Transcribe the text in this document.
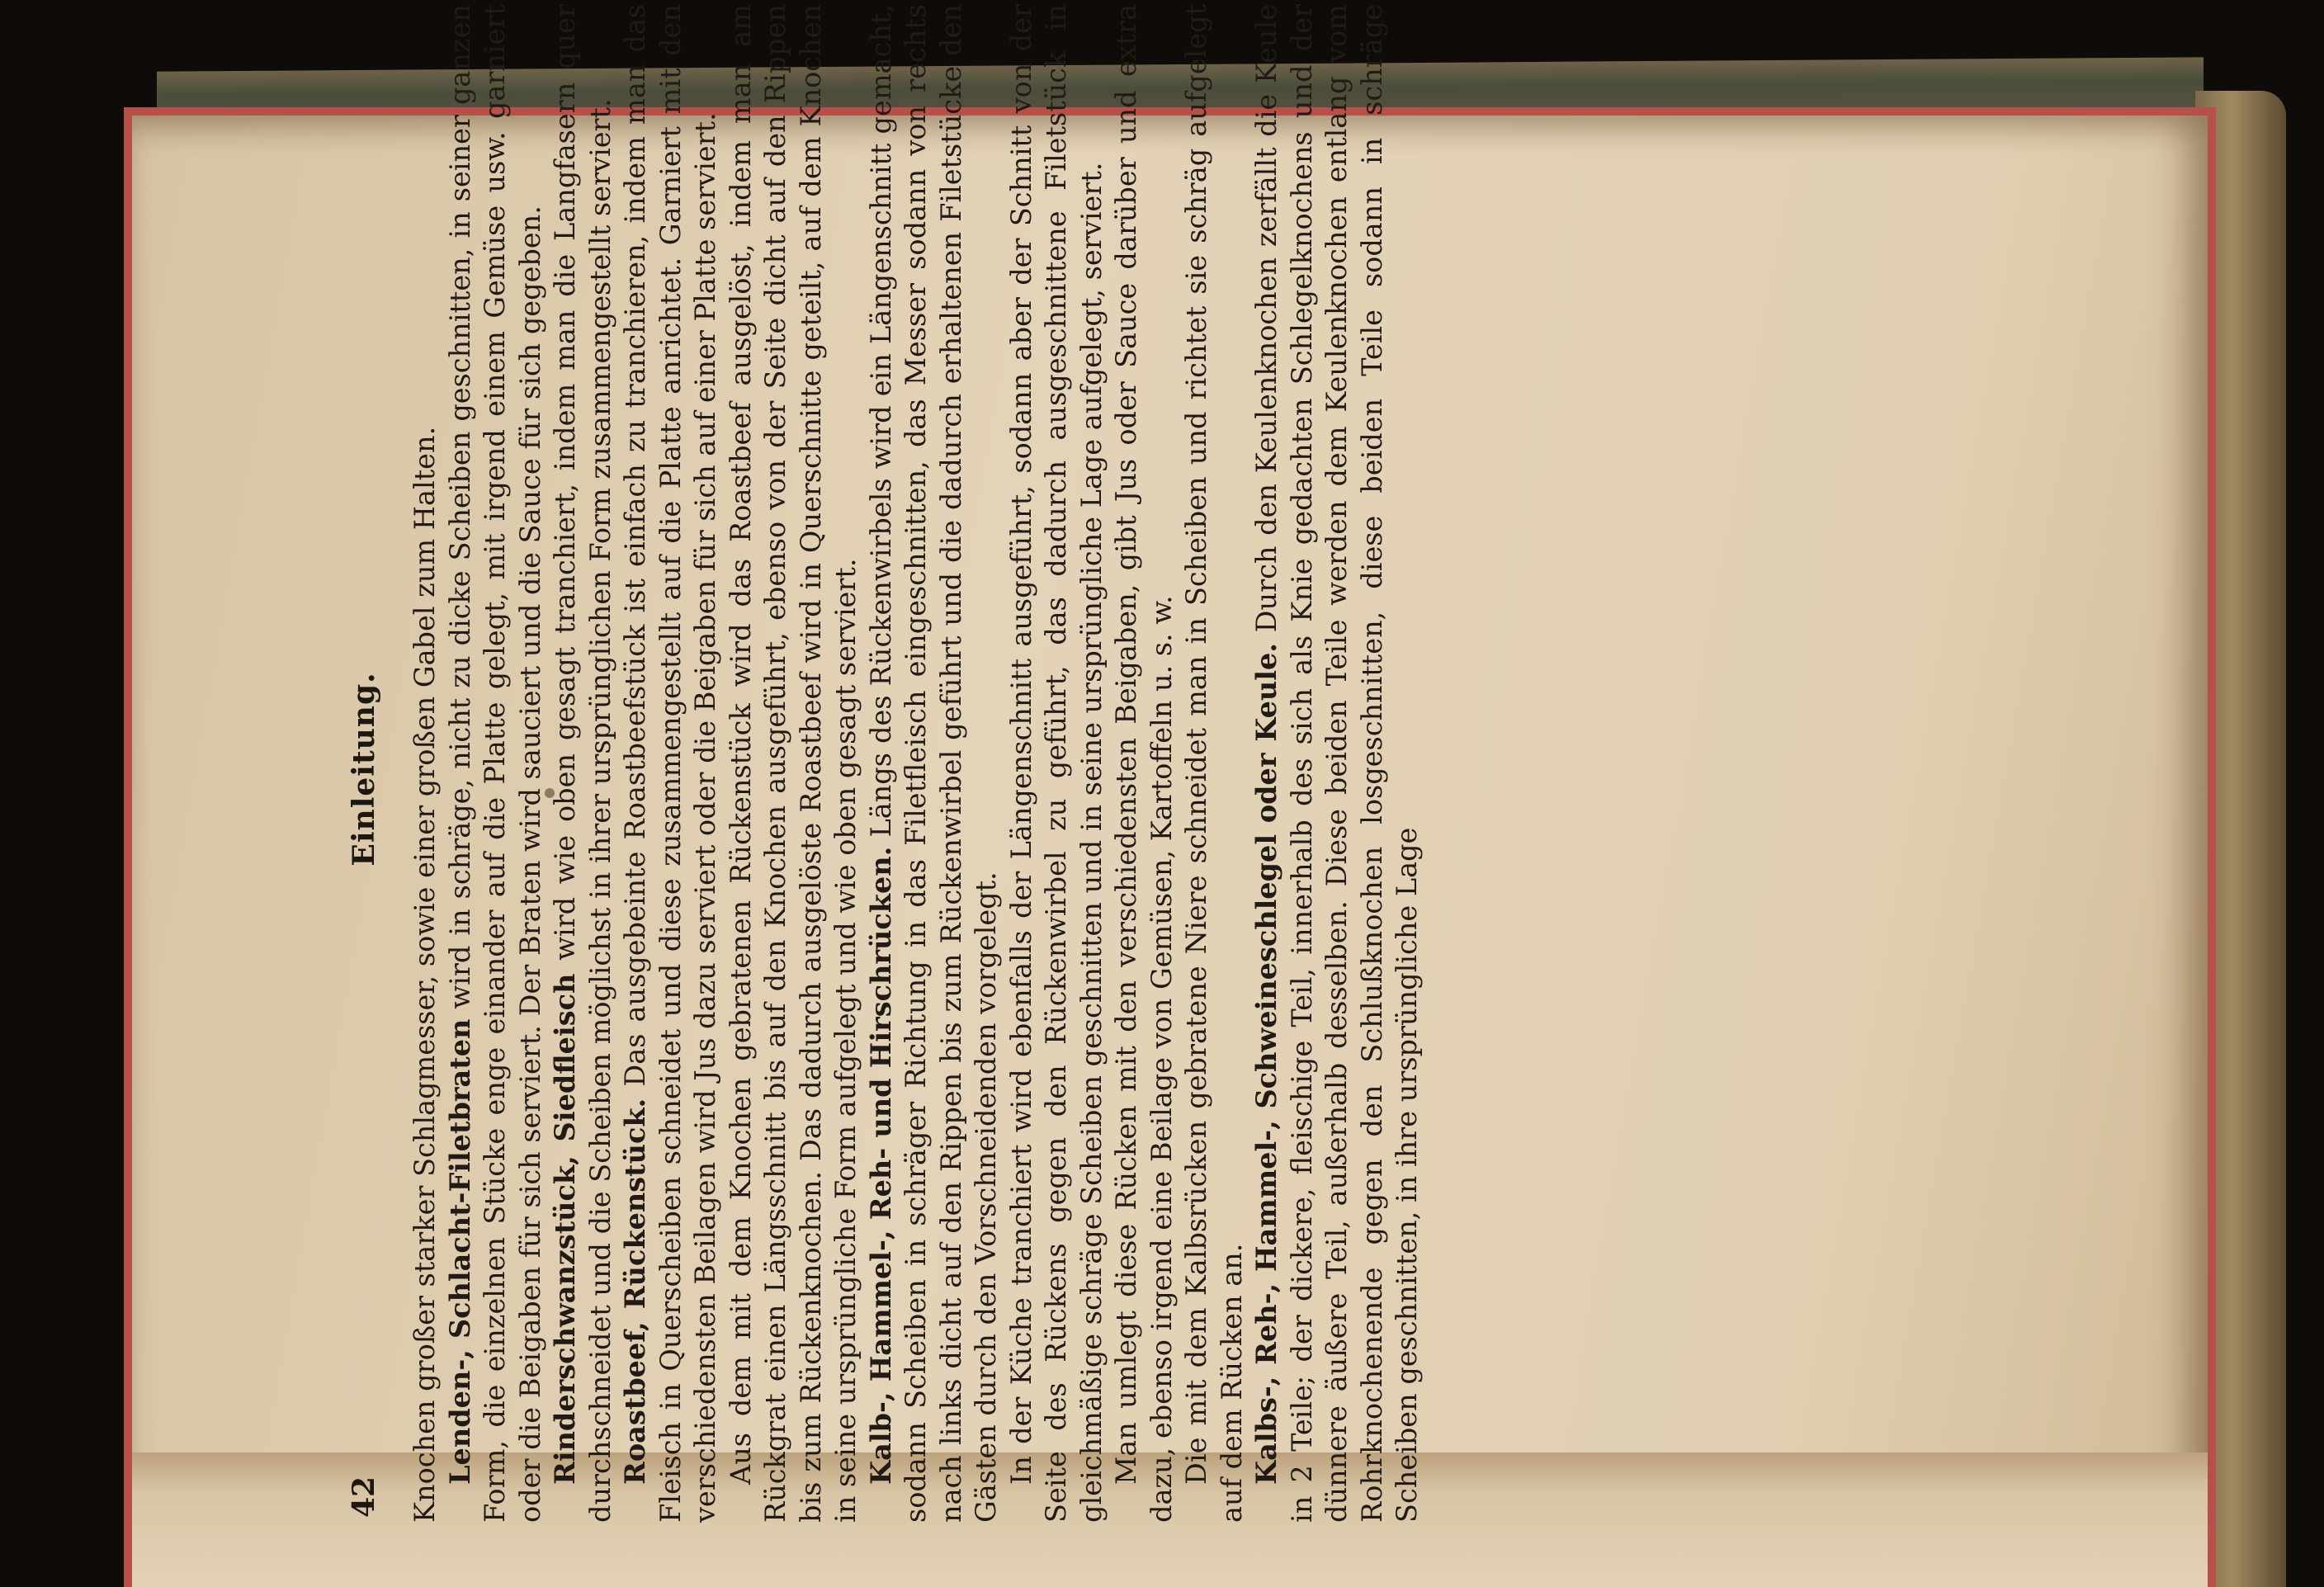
42
Einleitung. Knochen großer starker Schlagmesser, sowie einer großen Gabel zum Halten. Lenden-, Schlacht-Filetbraten wird in schräge, nicht zu dicke Scheiben geschnitten, in seiner ganzen Form, die einzelnen Stücke enge einander auf die Platte gelegt, mit irgend einem Gemüse usw. garniert oder die Beigaben für sich serviert. Der Braten wird sauciert und die Sauce für sich gegeben. Rinderschwanzstück, Siedfleisch wird wie oben gesagt tranchiert, indem man die Langfasern quer durchschneidet und die Scheiben möglichst in ihrer ursprünglichen Form zusammengestellt serviert. Roastbeef, Rückenstück. Das ausgebeinte Roastbeefstück ist einfach zu tranchieren, indem man das Fleisch in Querscheiben schneidet und diese zusammengestellt auf die Platte anrichtet. Garniert mit den verschiedensten Beilagen wird Jus dazu serviert oder die Beigaben für sich auf einer Platte serviert. Aus dem mit dem Knochen gebratenen Rückenstück wird das Roastbeef ausgelöst, indem man am Rückgrat einen Längsschnitt bis auf den Knochen ausgeführt, ebenso von der Seite dicht auf den Rippen bis zum Rückenknochen. Das dadurch ausgelöste Roastbeef wird in Querschnitte geteilt, auf dem Knochen in seine ursprüngliche Form aufgelegt und wie oben gesagt serviert. Kalb-, Hammel-, Reh- und Hirschrücken. Längs des Rückenwirbels wird ein Längenschnitt gemacht, sodann Scheiben in schräger Richtung in das Filetfleisch eingeschnitten, das Messer sodann von rechts nach links dicht auf den Rippen bis zum Rückenwirbel geführt und die dadurch erhaltenen Filetstücke den Gästen durch den Vorschneidenden vorgelegt. In der Küche tranchiert wird ebenfalls der Längenschnitt ausgeführt, sodann aber der Schnitt von der Seite des Rückens gegen den Rückenwirbel zu geführt, das dadurch ausgeschnittene Filetstück in gleichmäßige schräge Scheiben geschnitten und in seine ursprüngliche Lage aufgelegt, serviert. Man umlegt diese Rücken mit den verschiedensten Beigaben, gibt Jus oder Sauce darüber und extra dazu, ebenso irgend eine Beilage von Gemüsen, Kartoffeln u. s. w. Die mit dem Kalbsrücken gebratene Niere schneidet man in Scheiben und richtet sie schräg aufgelegt auf dem Rücken an. Kalbs-, Reh-, Hammel-, Schweineschlegel oder Keule. Durch den Keulenknochen zerfällt die Keule in 2 Teile; der dickere, fleischige Teil, innerhalb des sich als Knie gedachten Schlegelknochens und der dünnere äußere Teil, außerhalb desselben. Diese beiden Teile werden dem Keulenknochen entlang vom Rohrknochenende gegen den Schlußknochen losgeschnitten, diese beiden Teile sodann in schräge Scheiben geschnitten, in ihre ursprüngliche Lage
